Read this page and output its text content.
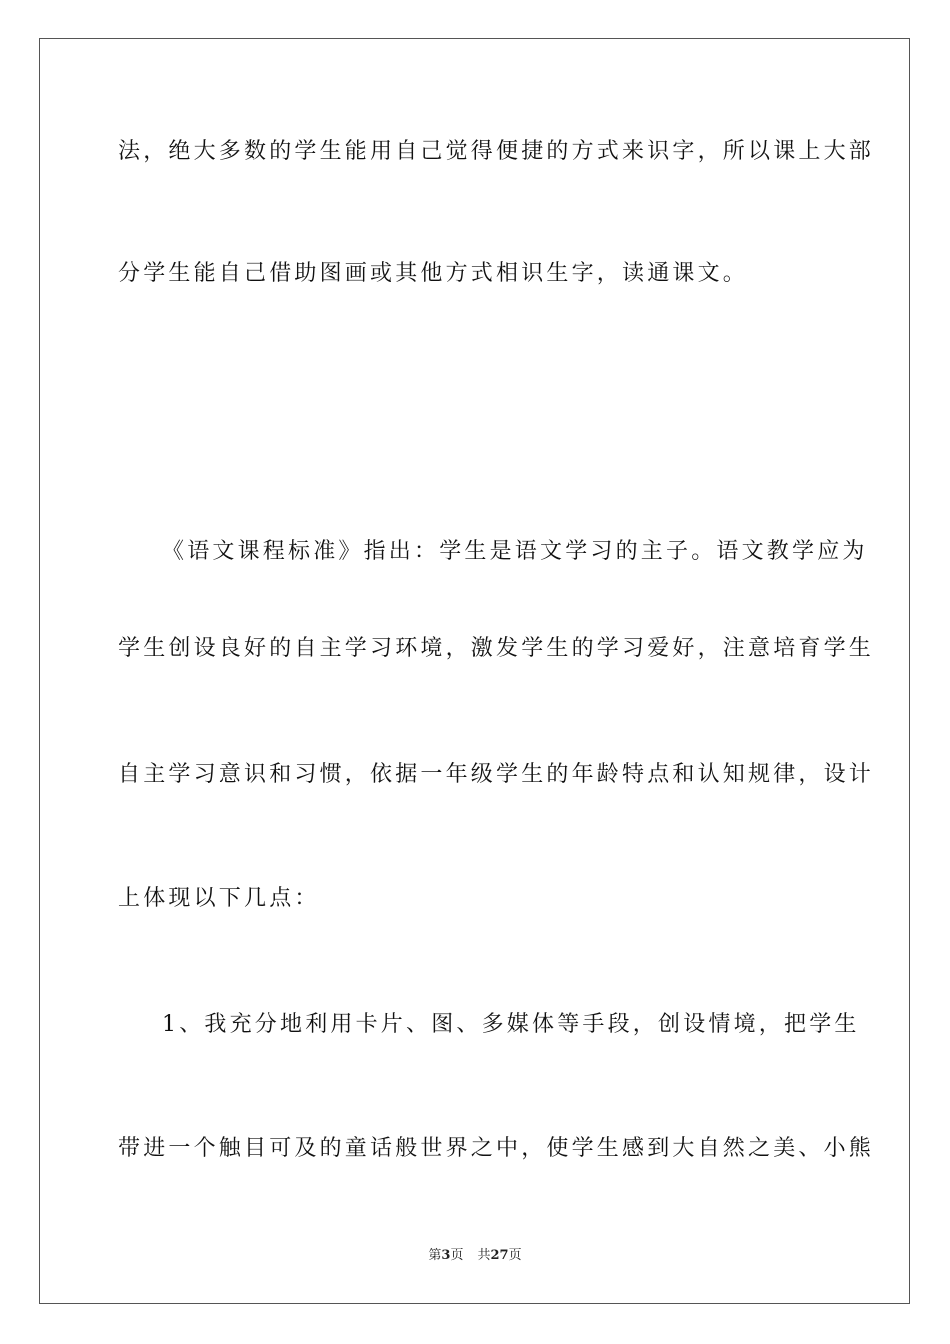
法，绝大多数的学生能用自己觉得便捷的方式来识字，所以课上大部
分学生能自己借助图画或其他方式相识生字，读通课文。
《语文课程标准》指出：学生是语文学习的主子。语文教学应为
学生创设良好的自主学习环境，激发学生的学习爱好，注意培育学生
自主学习意识和习惯，依据一年级学生的年龄特点和认知规律，设计
上体现以下几点：
1、我充分地利用卡片、图、多媒体等手段，创设情境，把学生
带进一个触目可及的童话般世界之中，使学生感到大自然之美、小熊
第3页 共27页
